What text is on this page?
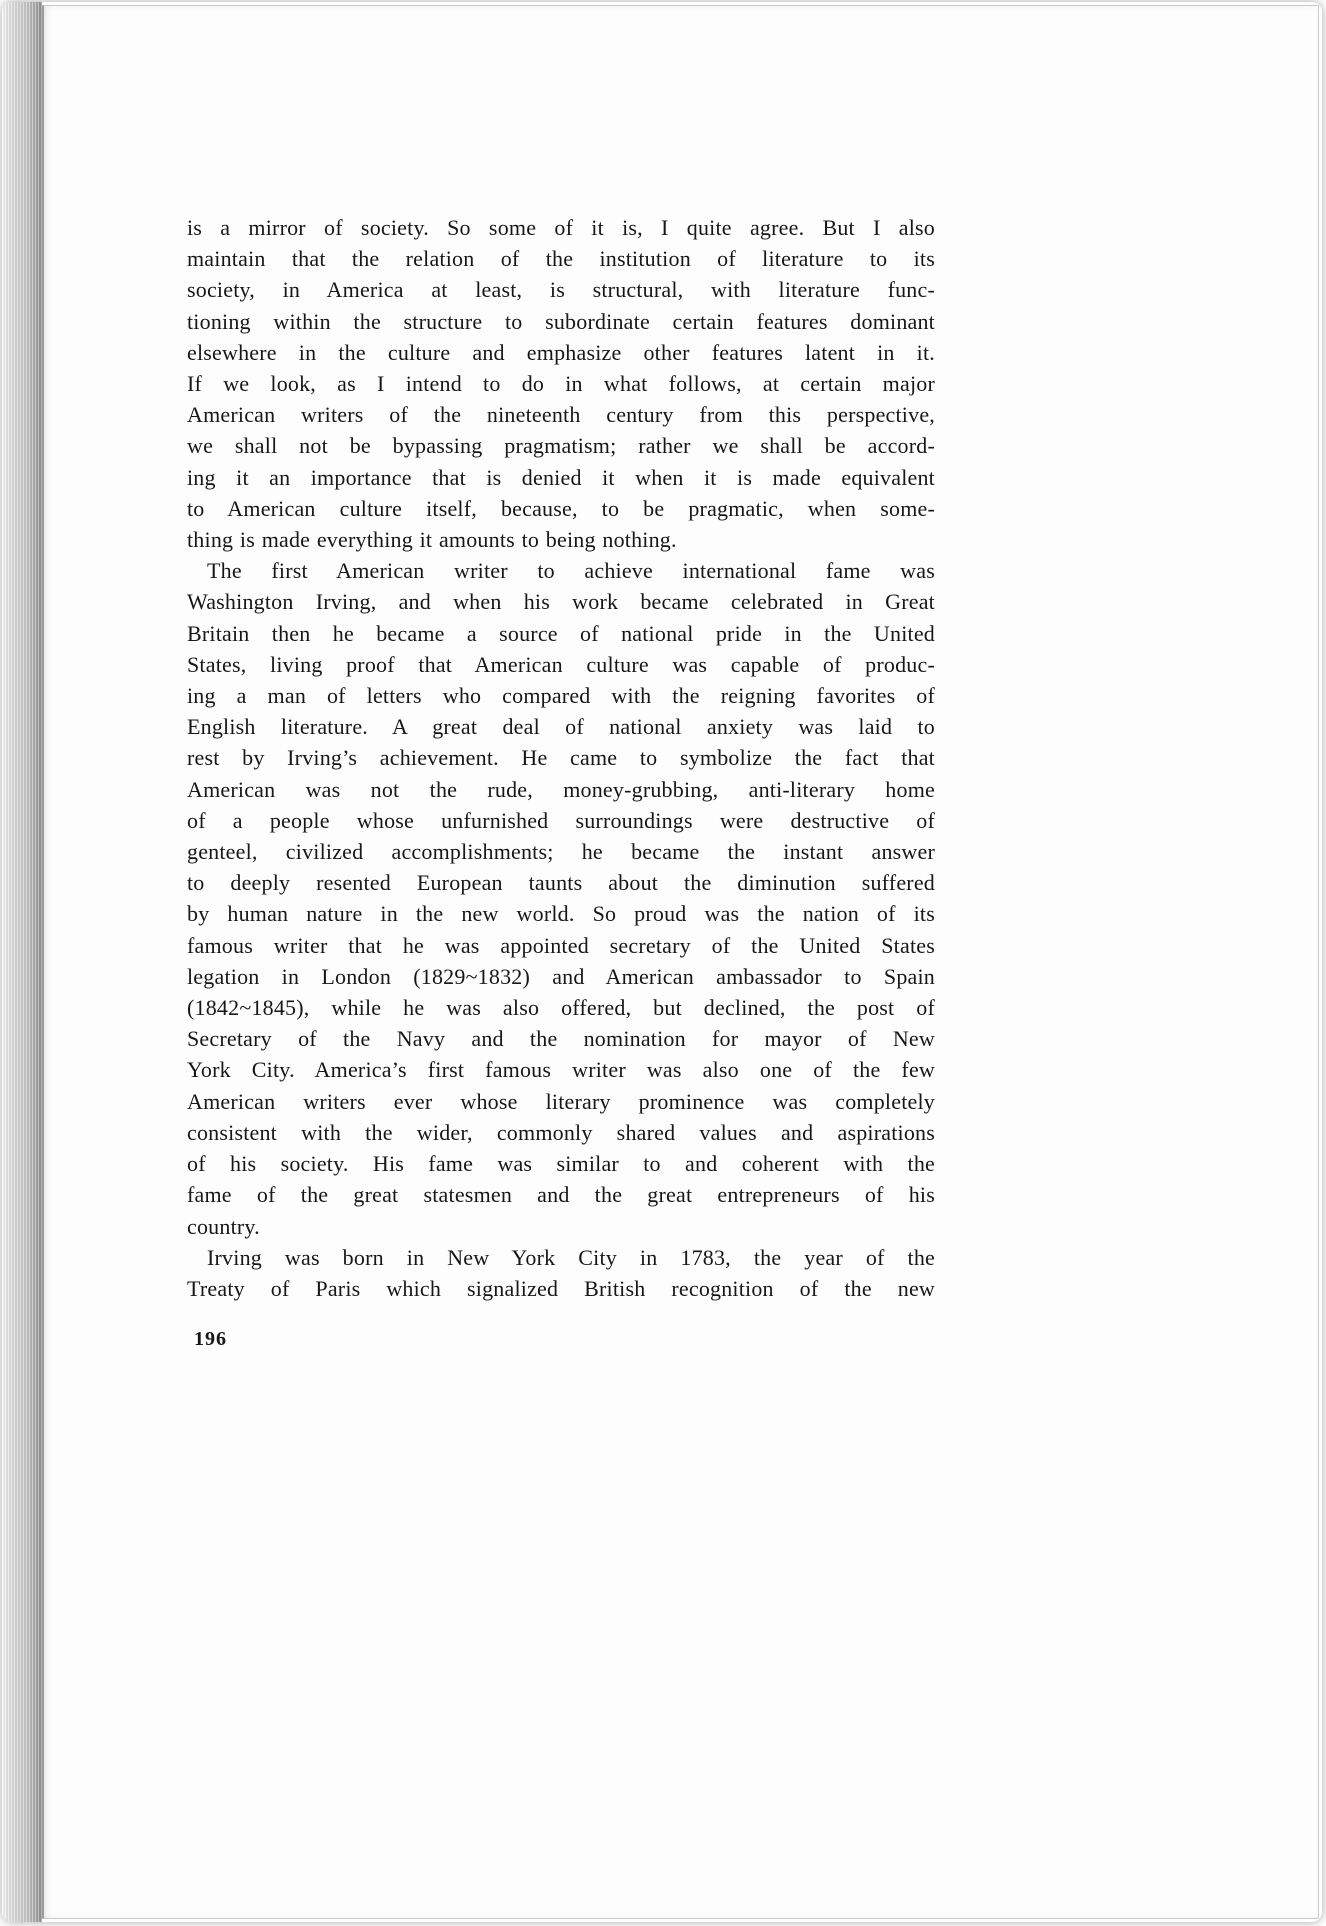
is a mirror of society. So some of it is, I quite agree. But I also
maintain that the relation of the institution of literature to its
society, in America at least, is structural, with literature func-
tioning within the structure to subordinate certain features dominant
elsewhere in the culture and emphasize other features latent in it.
If we look, as I intend to do in what follows, at certain major
American writers of the nineteenth century from this perspective,
we shall not be bypassing pragmatism; rather we shall be accord-
ing it an importance that is denied it when it is made equivalent
to American culture itself, because, to be pragmatic, when some-
thing is made everything it amounts to being nothing.
The first American writer to achieve international fame was
Washington Irving, and when his work became celebrated in Great
Britain then he became a source of national pride in the United
States, living proof that American culture was capable of produc-
ing a man of letters who compared with the reigning favorites of
English literature. A great deal of national anxiety was laid to
rest by Irving’s achievement. He came to symbolize the fact that
American was not the rude, money-grubbing, anti-literary home
of a people whose unfurnished surroundings were destructive of
genteel, civilized accomplishments; he became the instant answer
to deeply resented European taunts about the diminution suffered
by human nature in the new world. So proud was the nation of its
famous writer that he was appointed secretary of the United States
legation in London (1829~1832) and American ambassador to Spain
(1842~1845), while he was also offered, but declined, the post of
Secretary of the Navy and the nomination for mayor of New
York City. America’s first famous writer was also one of the few
American writers ever whose literary prominence was completely
consistent with the wider, commonly shared values and aspirations
of his society. His fame was similar to and coherent with the
fame of the great statesmen and the great entrepreneurs of his
country.
Irving was born in New York City in 1783, the year of the
Treaty of Paris which signalized British recognition of the new
196
